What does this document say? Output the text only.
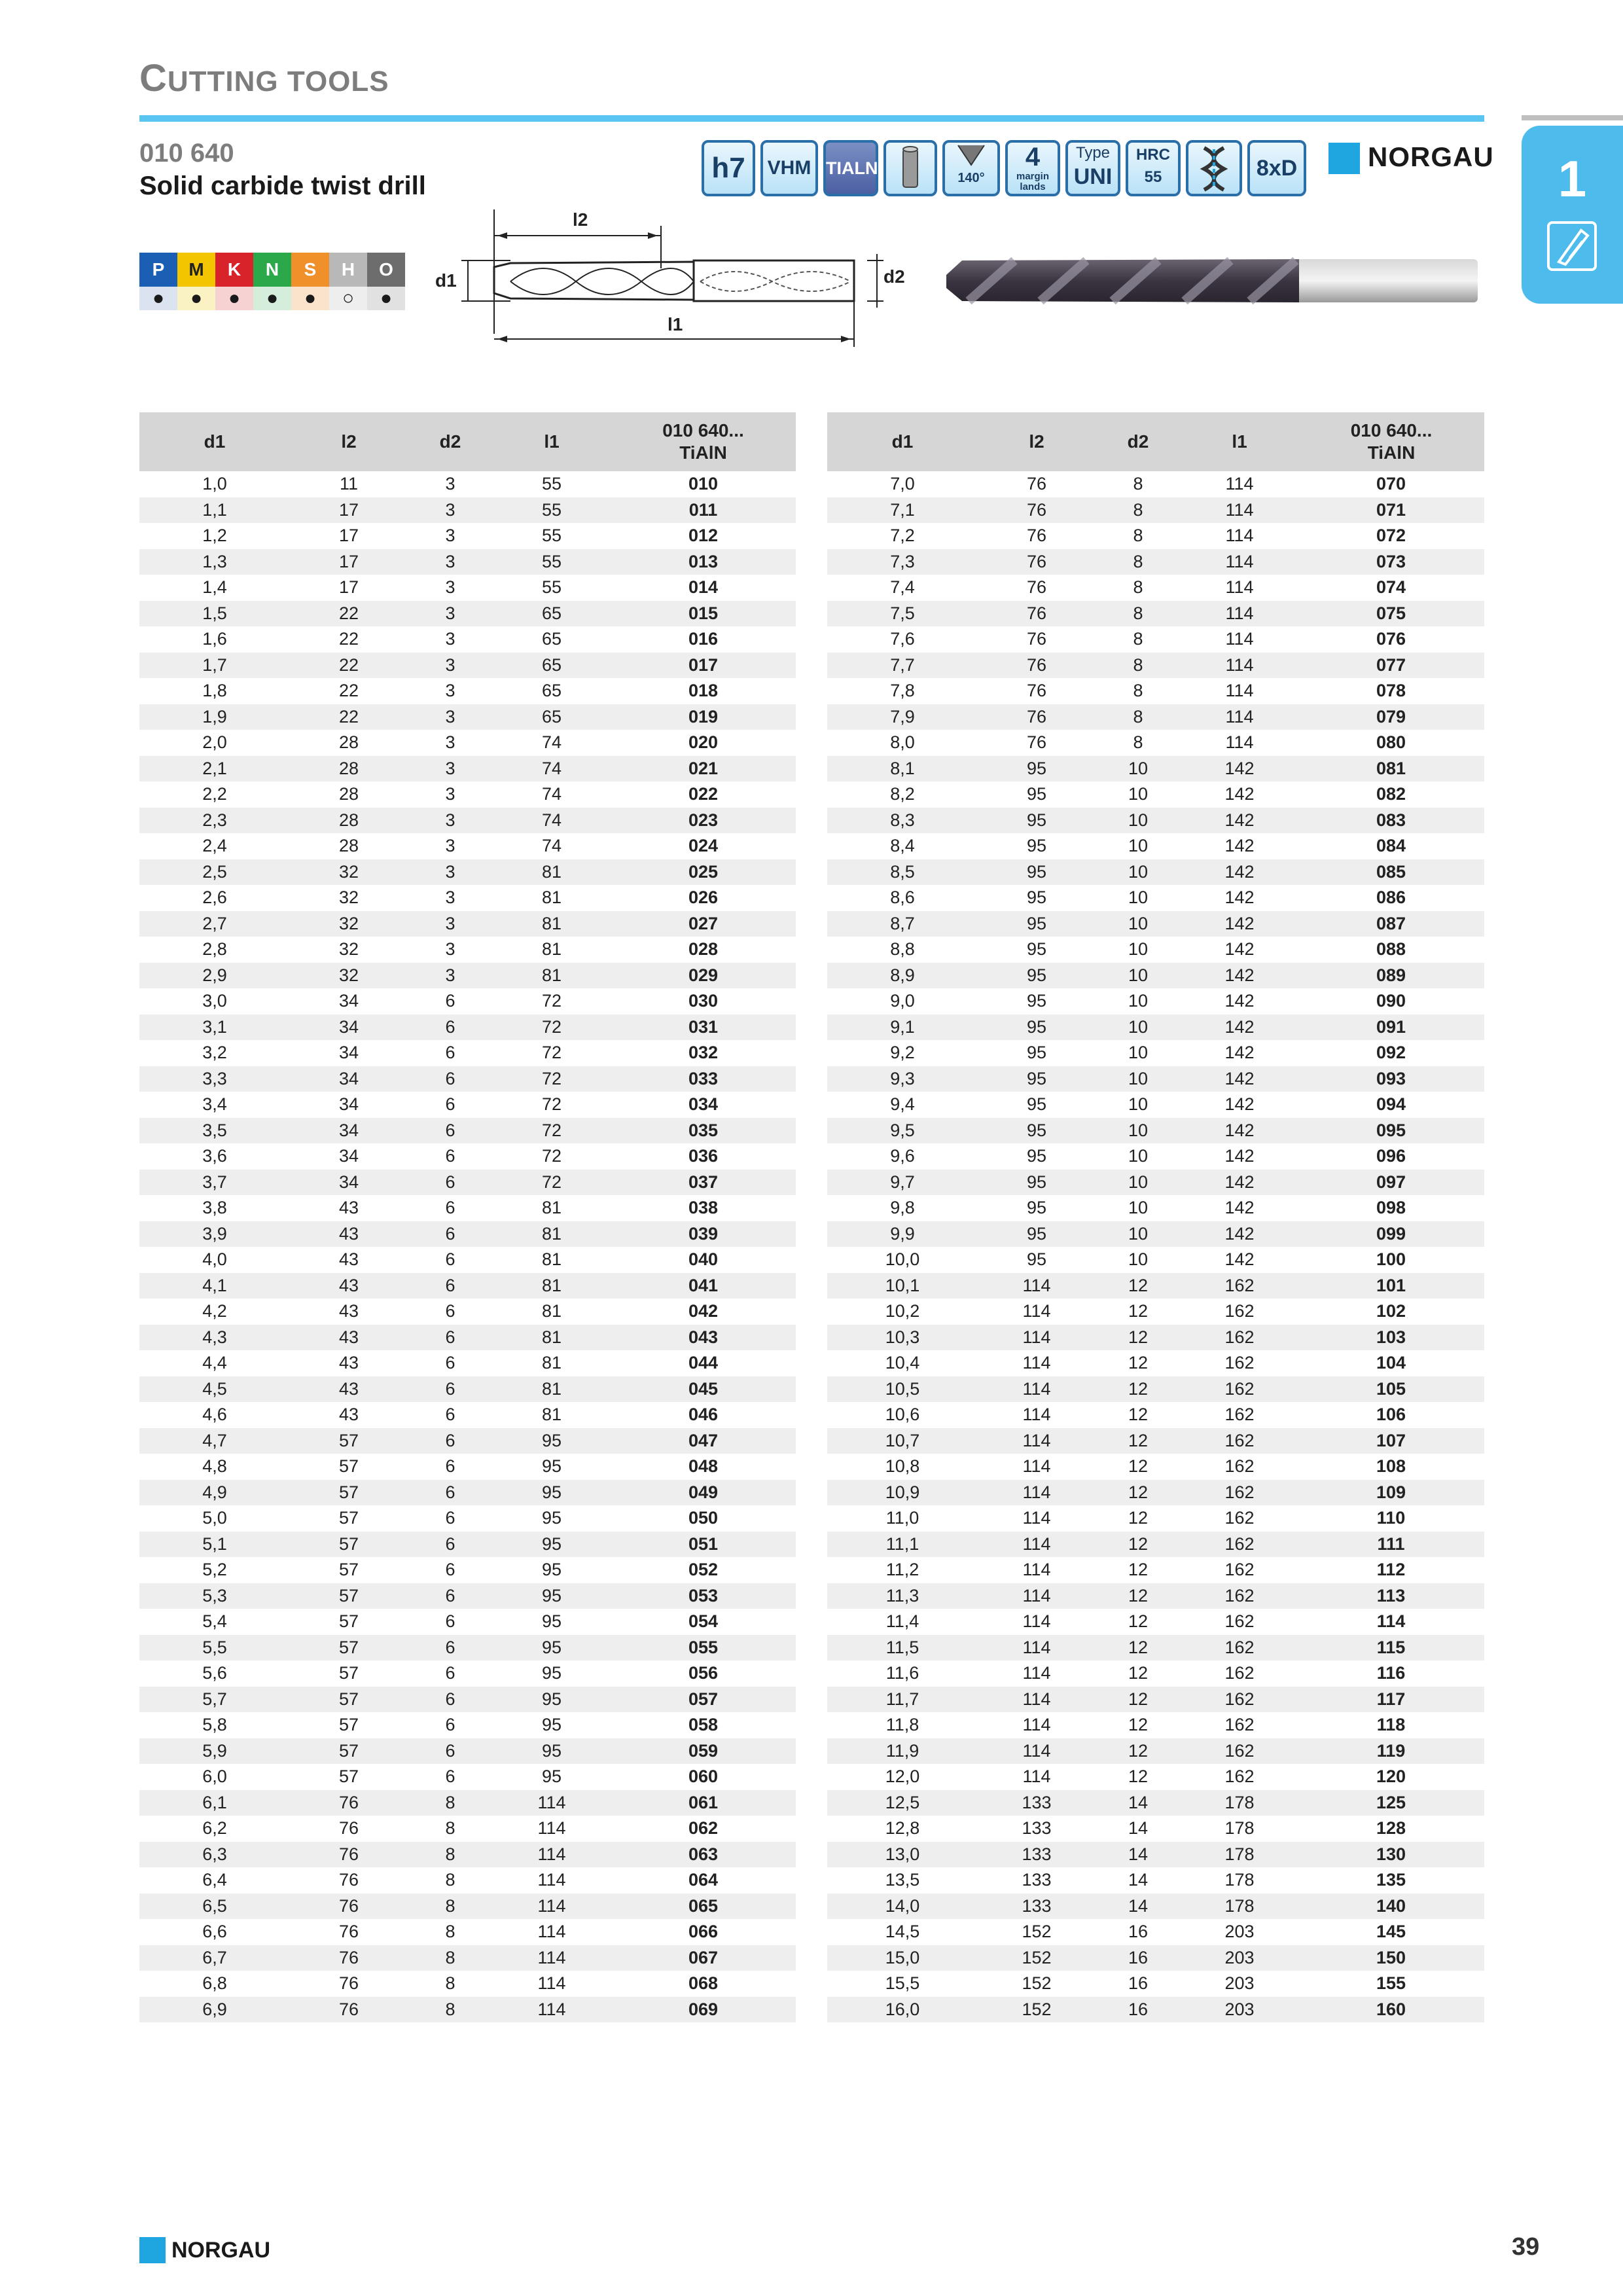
CUTTING TOOLS
1
010 640
Solid carbide twist drill
h7	VHM TIALN	140°
4
margin lands
Type
UNI
HRC
55	8xD	NORGAU
P	M	K	N	S	H	O
●	●	●	●	●	○	●
l2
l1
d1	d2
d1	l2	d2	l1
010 640...
TiAlN
d1	l2	d2	l1
010 640...
TiAlN
1,0	11	3	55	010
1,1	17	3	55	011
1,2	17	3	55	012
1,3	17	3	55	013
1,4	17	3	55	014
1,5	22	3	65	015
1,6	22	3	65	016
1,7	22	3	65	017
1,8	22	3	65	018
1,9	22	3	65	019
2,0	28	3	74	020
2,1	28	3	74	021
2,2	28	3	74	022
2,3	28	3	74	023
2,4	28	3	74	024
2,5	32	3	81	025
2,6	32	3	81	026
2,7	32	3	81	027
2,8	32	3	81	028
2,9	32	3	81	029
3,0	34	6	72	030
3,1	34	6	72	031
3,2	34	6	72	032
3,3	34	6	72	033
3,4	34	6	72	034
3,5	34	6	72	035
3,6	34	6	72	036
3,7	34	6	72	037
3,8	43	6	81	038
3,9	43	6	81	039
4,0	43	6	81	040
4,1	43	6	81	041
4,2	43	6	81	042
4,3	43	6	81	043
4,4	43	6	81	044
4,5	43	6	81	045
4,6	43	6	81	046
4,7	57	6	95	047
4,8	57	6	95	048
4,9	57	6	95	049
5,0	57	6	95	050
5,1	57	6	95	051
5,2	57	6	95	052
5,3	57	6	95	053
5,4	57	6	95	054
5,5	57	6	95	055
5,6	57	6	95	056
5,7	57	6	95	057
5,8	57	6	95	058
5,9	57	6	95	059
6,0	57	6	95	060
6,1	76	8	114	061
6,2	76	8	114	062
6,3	76	8	114	063
6,4	76	8	114	064
6,5	76	8	114	065
6,6	76	8	114	066
6,7	76	8	114	067
6,8	76	8	114	068
6,9	76	8	114	069
7,0	76	8	114	070
7,1	76	8	114	071
7,2	76	8	114	072
7,3	76	8	114	073
7,4	76	8	114	074
7,5	76	8	114	075
7,6	76	8	114	076
7,7	76	8	114	077
7,8	76	8	114	078
7,9	76	8	114	079
8,0	76	8	114	080
8,1	95	10	142	081
8,2	95	10	142	082
8,3	95	10	142	083
8,4	95	10	142	084
8,5	95	10	142	085
8,6	95	10	142	086
8,7	95	10	142	087
8,8	95	10	142	088
8,9	95	10	142	089
9,0	95	10	142	090
9,1	95	10	142	091
9,2	95	10	142	092
9,3	95	10	142	093
9,4	95	10	142	094
9,5	95	10	142	095
9,6	95	10	142	096
9,7	95	10	142	097
9,8	95	10	142	098
9,9	95	10	142	099
10,0	95	10	142	100
10,1	114	12	162	101
10,2	114	12	162	102
10,3	114	12	162	103
10,4	114	12	162	104
10,5	114	12	162	105
10,6	114	12	162	106
10,7	114	12	162	107
10,8	114	12	162	108
10,9	114	12	162	109
11,0	114	12	162	110
11,1	114	12	162	111
11,2	114	12	162	112
11,3	114	12	162	113
11,4	114	12	162	114
11,5	114	12	162	115
11,6	114	12	162	116
11,7	114	12	162	117
11,8	114	12	162	118
11,9	114	12	162	119
12,0	114	12	162	120
12,5	133	14	178	125
12,8	133	14	178	128
13,0	133	14	178	130
13,5	133	14	178	135
14,0	133	14	178	140
14,5	152	16	203	145
15,0	152	16	203	150
15,5	152	16	203	155
16,0	152	16	203	160
NORGAU	39
